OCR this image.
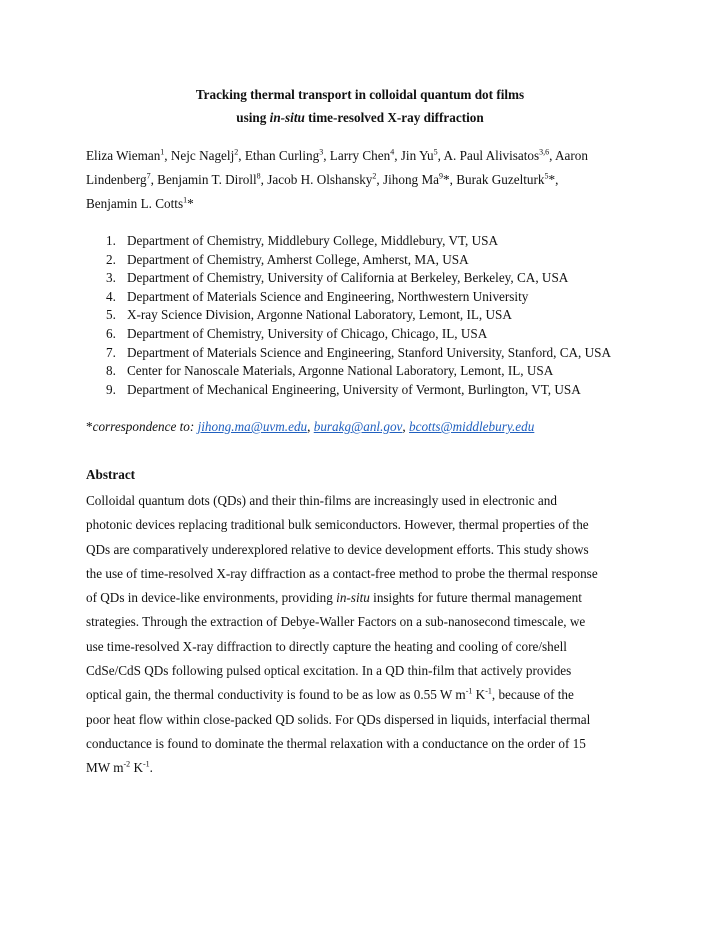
Tracking thermal transport in colloidal quantum dot films
using in-situ time-resolved X-ray diffraction
Eliza Wieman$^1$, Nejc Nagelj$^2$, Ethan Curling$^3$, Larry Chen$^4$, Jin Yu$^5$, A. Paul Alivisatos$^{3,6}$, Aaron
Lindenberg$^7$, Benjamin T. Diroll$^8$, Jacob H. Olshansky$^2$, Jihong Ma$^9$*, Burak Guzelturk$^5$*,
Benjamin L. Cotts$^1$*
1. Department of Chemistry, Middlebury College, Middlebury, VT, USA
2. Department of Chemistry, Amherst College, Amherst, MA, USA
3. Department of Chemistry, University of California at Berkeley, Berkeley, CA, USA
4. Department of Materials Science and Engineering, Northwestern University
5. X-ray Science Division, Argonne National Laboratory, Lemont, IL, USA
6. Department of Chemistry, University of Chicago, Chicago, IL, USA
7. Department of Materials Science and Engineering, Stanford University, Stanford, CA, USA
8. Center for Nanoscale Materials, Argonne National Laboratory, Lemont, IL, USA
9. Department of Mechanical Engineering, University of Vermont, Burlington, VT, USA
*correspondence to: jihong.ma@uvm.edu, burakg@anl.gov, bcotts@middlebury.edu
Abstract
Colloidal quantum dots (QDs) and their thin-films are increasingly used in electronic and
photonic devices replacing traditional bulk semiconductors. However, thermal properties of the
QDs are comparatively underexplored relative to device development efforts. This study shows
the use of time-resolved X-ray diffraction as a contact-free method to probe the thermal response
of QDs in device-like environments, providing in-situ insights for future thermal management
strategies. Through the extraction of Debye-Waller Factors on a sub-nanosecond timescale, we
use time-resolved X-ray diffraction to directly capture the heating and cooling of core/shell
CdSe/CdS QDs following pulsed optical excitation. In a QD thin-film that actively provides
optical gain, the thermal conductivity is found to be as low as 0.55 W $m^{-1}$ $K^{-1}$, because of the
poor heat flow within close-packed QD solids. For QDs dispersed in liquids, interfacial thermal
conductance is found to dominate the thermal relaxation with a conductance on the order of 15
MW $m^{-2}$ $K^{-1}$.
